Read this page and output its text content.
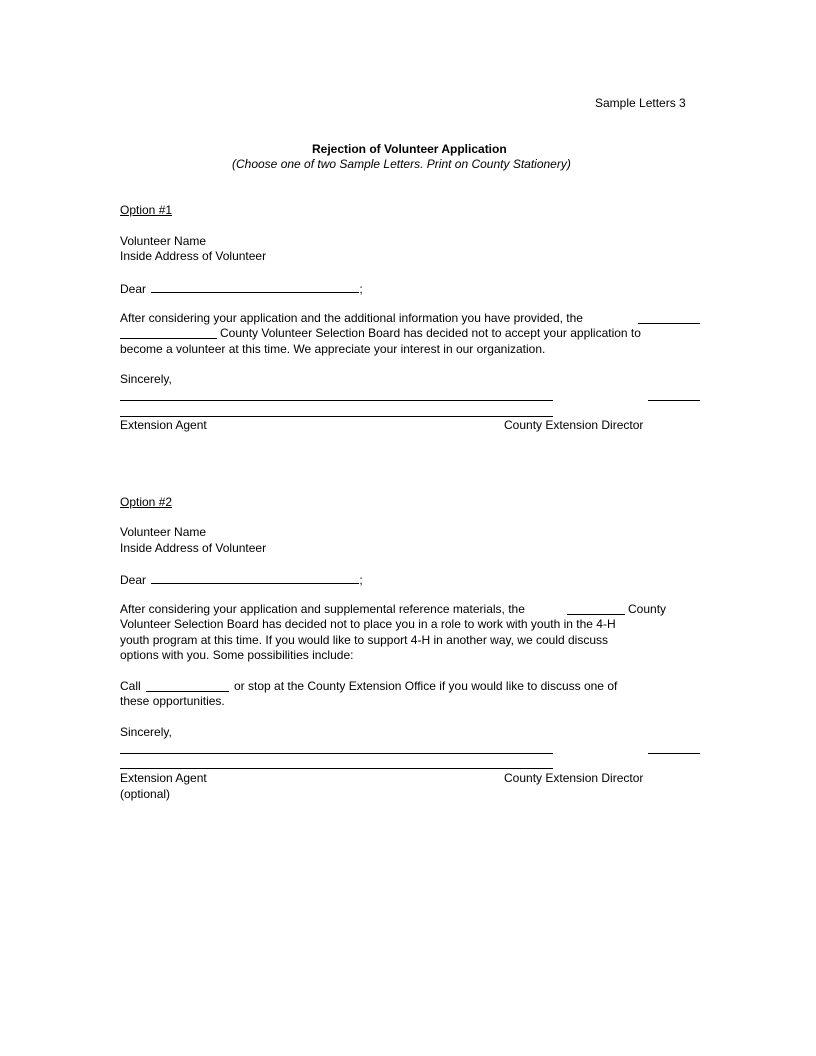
Sample Letters 3
Rejection of Volunteer Application
(Choose one of two Sample Letters. Print on County Stationery)
Option #1
Volunteer Name
Inside Address of Volunteer
Dear	;
After considering your application and the additional information you have provided, the
County Volunteer Selection Board has decided not to accept your application to
become a volunteer at this time. We appreciate your interest in our organization.
Sincerely,
Extension Agent	County Extension Director
Option #2
Volunteer Name
Inside Address of Volunteer
Dear	;
After considering your application and supplemental reference materials, the	County
Volunteer Selection Board has decided not to place you in a role to work with youth in the 4-H
youth program at this time. If you would like to support 4-H in another way, we could discuss
options with you. Some possibilities include:
Call	or stop at the County Extension Office if you would like to discuss one of
these opportunities.
Sincerely,
Extension Agent
(optional)
County Extension Director
